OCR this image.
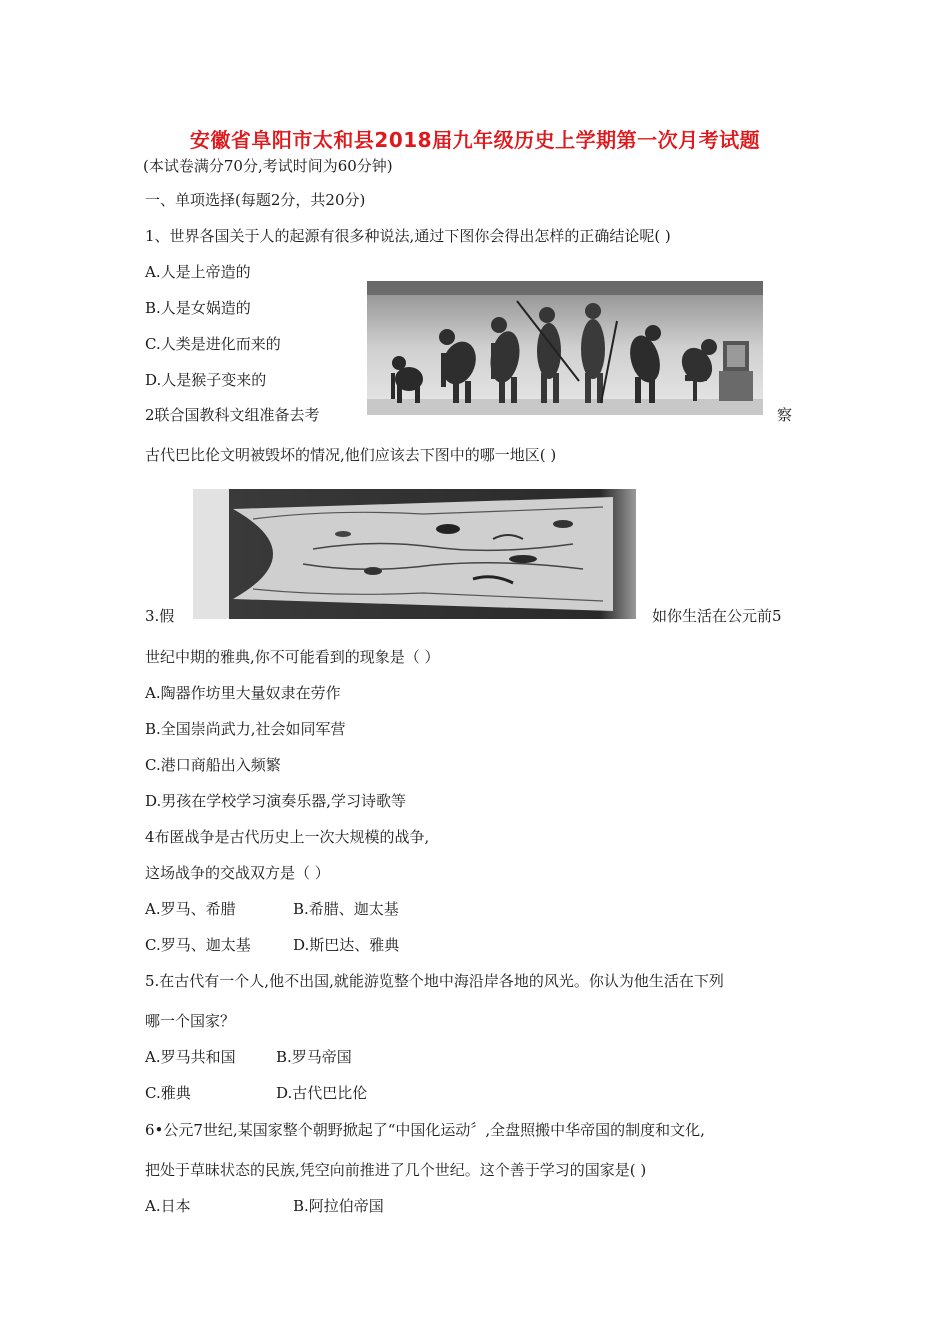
安徽省阜阳市太和县2018届九年级历史上学期第一次月考试题
(本试卷满分70分,考试时间为60分钟)
一、单项选择(每题2分，共20分)
1、世界各国关于人的起源有很多种说法,通过下图你会得出怎样的正确结论呢( )
A.人是上帝造的
B.人是女娲造的
C.人类是进化而来的
D.人是猴子变来的
2联合国教科文组准备去考	察
古代巴比伦文明被毁坏的情况,他们应该去下图中的哪一地区( )
3.假	如你生活在公元前5
世纪中期的雅典,你不可能看到的现象是（ ）
A.陶器作坊里大量奴隶在劳作
B.全国崇尚武力,社会如同军营
C.港口商船出入频繁
D.男孩在学校学习演奏乐器,学习诗歌等
4布匿战争是古代历史上一次大规模的战争,
这场战争的交战双方是（ ）
A.罗马、希腊	B.希腊、迦太基
C.罗马、迦太基	D.斯巴达、雅典
5.在古代有一个人,他不出国,就能游览整个地中海沿岸各地的风光。你认为他生活在下列
哪一个国家？
A.罗马共和国	B.罗马帝国
C.雅典	D.古代巴比伦
6•公元7世纪,某国家整个朝野掀起了“中国化运动〞,全盘照搬中华帝国的制度和文化,
把处于草昧状态的民族,凭空向前推进了几个世纪。这个善于学习的国家是( )
A.日本	B.阿拉伯帝国
